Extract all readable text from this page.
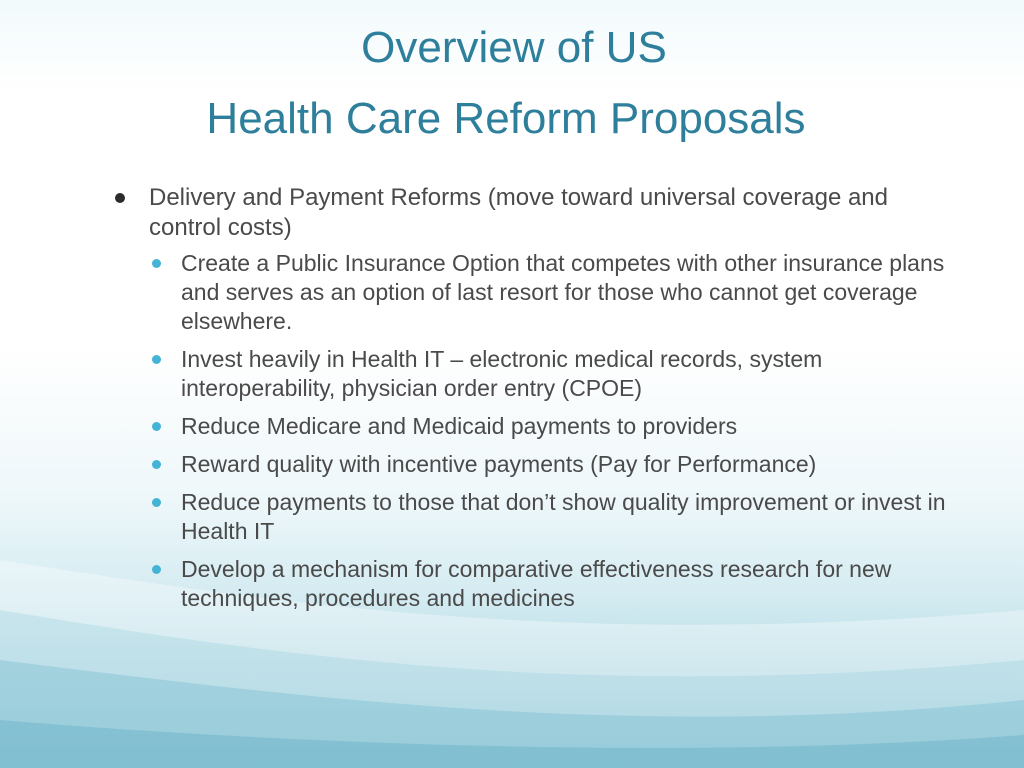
Overview of US
Health Care Reform Proposals
Delivery and Payment Reforms (move toward universal coverage and control costs)
Create a Public Insurance Option that competes with other insurance plans and serves as an option of last resort for those who cannot get coverage elsewhere.
Invest heavily in Health IT – electronic medical records, system interoperability, physician order entry (CPOE)
Reduce Medicare and Medicaid payments to providers
Reward quality with incentive payments (Pay for Performance)
Reduce payments to those that don’t show quality improvement or invest in Health IT
Develop a mechanism for comparative effectiveness research for new techniques, procedures and medicines
